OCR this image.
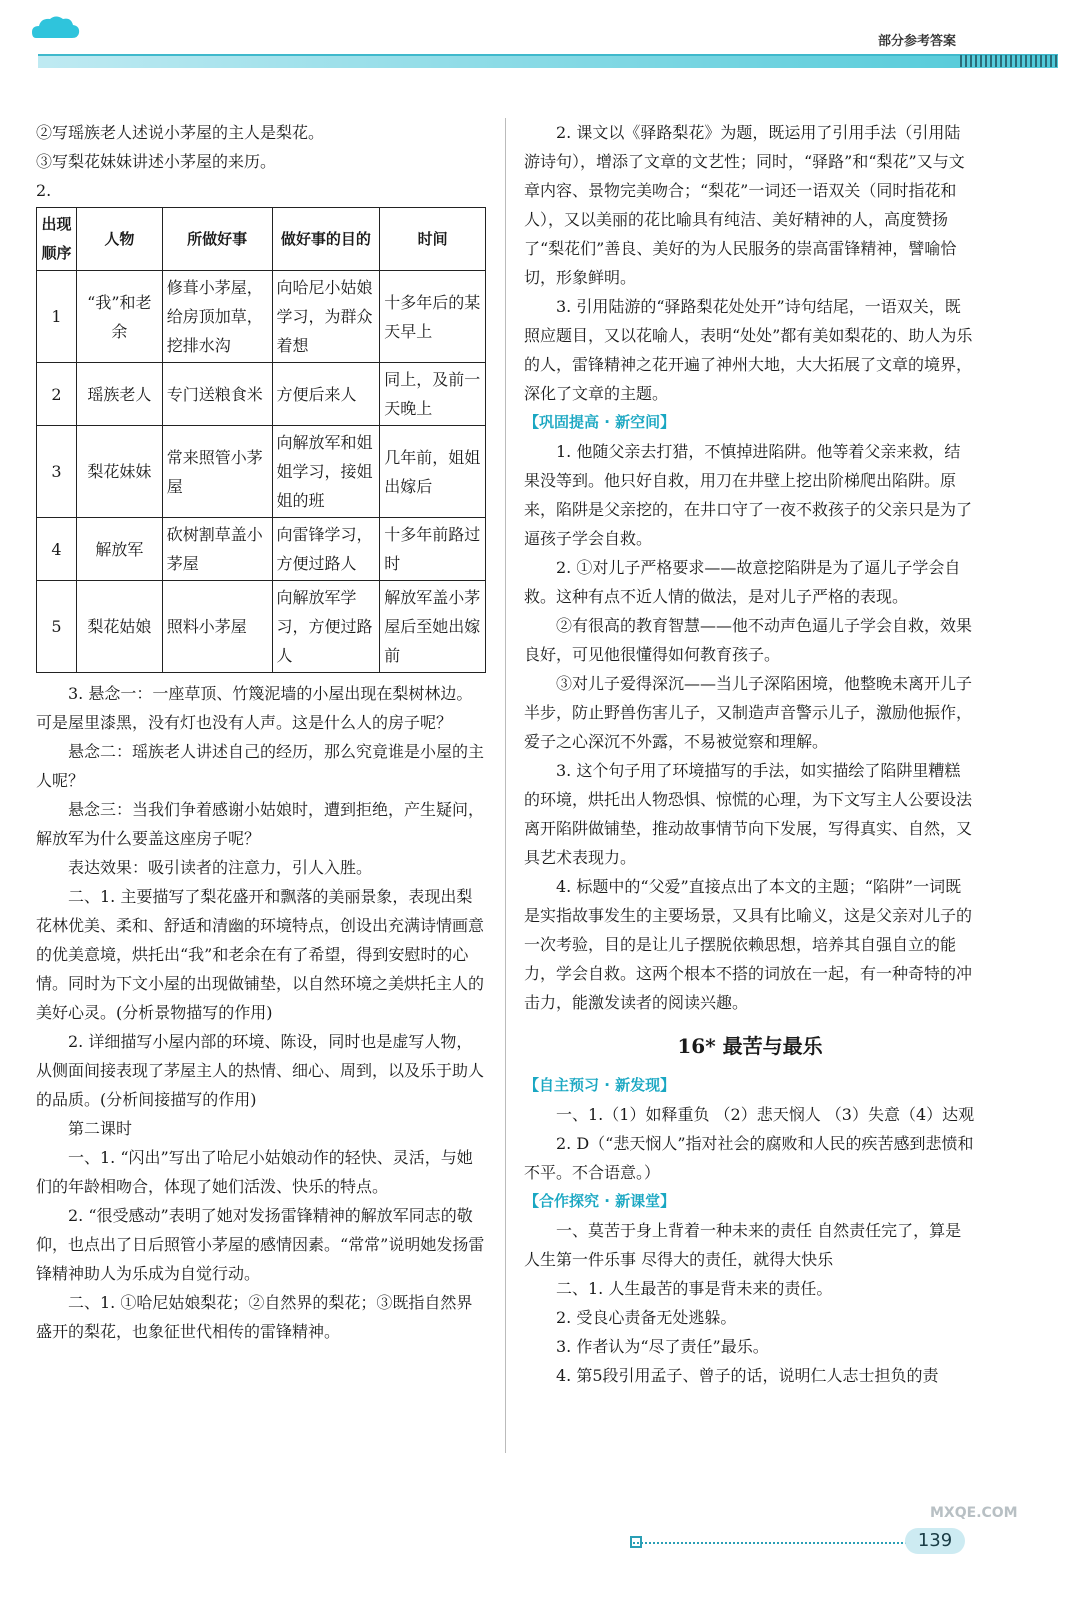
部分参考答案

②写瑶族老人述说小茅屋的主人是梨花。

③写梨花妹妹讲述小茅屋的来历。

2.

出现顺序	人物	所做好事	做好事的目的	时间
1	“我”和老余	修葺小茅屋，给房顶加草，挖排水沟	向哈尼小姑娘学习，为群众着想	十多年后的某天早上
2	瑶族老人	专门送粮食米	方便后来人	同上，及前一天晚上
3	梨花妹妹	常来照管小茅屋	向解放军和姐姐学习，接姐姐的班	几年前，姐姐出嫁后
4	解放军	砍树割草盖小茅屋	向雷锋学习，方便过路人	十多年前路过时
5	梨花姑娘	照料小茅屋	向解放军学习，方便过路人	解放军盖小茅屋后至她出嫁前

3. 悬念一：一座草顶、竹篾泥墙的小屋出现在梨树林边。可是屋里漆黑，没有灯也没有人声。这是什么人的房子呢？

悬念二：瑶族老人讲述自己的经历，那么究竟谁是小屋的主人呢？

悬念三：当我们争着感谢小姑娘时，遭到拒绝，产生疑问，解放军为什么要盖这座房子呢？

表达效果：吸引读者的注意力，引人入胜。

二、1. 主要描写了梨花盛开和飘落的美丽景象，表现出梨花林优美、柔和、舒适和清幽的环境特点，创设出充满诗情画意的优美意境，烘托出“我”和老余在有了希望，得到安慰时的心情。同时为下文小屋的出现做铺垫，以自然环境之美烘托主人的美好心灵。(分析景物描写的作用)

2. 详细描写小屋内部的环境、陈设，同时也是虚写人物，从侧面间接表现了茅屋主人的热情、细心、周到，以及乐于助人的品质。(分析间接描写的作用)

第二课时

一、1. “闪出”写出了哈尼小姑娘动作的轻快、灵活，与她们的年龄相吻合，体现了她们活泼、快乐的特点。

2. “很受感动”表明了她对发扬雷锋精神的解放军同志的敬仰，也点出了日后照管小茅屋的感情因素。“常常”说明她发扬雷锋精神助人为乐成为自觉行动。

二、1. ①哈尼姑娘梨花；②自然界的梨花；③既指自然界盛开的梨花，也象征世代相传的雷锋精神。

2. 课文以《驿路梨花》为题，既运用了引用手法（引用陆游诗句），增添了文章的文艺性；同时，“驿路”和“梨花”又与文章内容、景物完美吻合；“梨花”一词还一语双关（同时指花和人），又以美丽的花比喻具有纯洁、美好精神的人，高度赞扬了“梨花们”善良、美好的为人民服务的崇高雷锋精神，譬喻恰切，形象鲜明。

3. 引用陆游的“驿路梨花处处开”诗句结尾，一语双关，既照应题目，又以花喻人，表明“处处”都有美如梨花的、助人为乐的人，雷锋精神之花开遍了神州大地，大大拓展了文章的境界，深化了文章的主题。

【巩固提高 · 新空间】

1. 他随父亲去打猎，不慎掉进陷阱。他等着父亲来救，结果没等到。他只好自救，用刀在井壁上挖出阶梯爬出陷阱。原来，陷阱是父亲挖的，在井口守了一夜不救孩子的父亲只是为了逼孩子学会自救。

2. ①对儿子严格要求——故意挖陷阱是为了逼儿子学会自救。这种有点不近人情的做法，是对儿子严格的表现。

②有很高的教育智慧——他不动声色逼儿子学会自救，效果良好，可见他很懂得如何教育孩子。

③对儿子爱得深沉——当儿子深陷困境，他整晚未离开儿子半步，防止野兽伤害儿子，又制造声音警示儿子，激励他振作，爱子之心深沉不外露，不易被觉察和理解。

3. 这个句子用了环境描写的手法，如实描绘了陷阱里糟糕的环境，烘托出人物恐惧、惊慌的心理，为下文写主人公要设法离开陷阱做铺垫，推动故事情节向下发展，写得真实、自然，又具艺术表现力。

4. 标题中的“父爱”直接点出了本文的主题；“陷阱”一词既是实指故事发生的主要场景，又具有比喻义，这是父亲对儿子的一次考验，目的是让儿子摆脱依赖思想，培养其自强自立的能力，学会自救。这两个根本不搭的词放在一起，有一种奇特的冲击力，能激发读者的阅读兴趣。

16* 最苦与最乐

【自主预习 · 新发现】

一、1.（1）如释重负 （2）悲天悯人 （3）失意（4）达观

2. D（“悲天悯人”指对社会的腐败和人民的疾苦感到悲愤和不平。不合语意。）

【合作探究 · 新课堂】

一、莫苦于身上背着一种未来的责任 自然责任完了，算是人生第一件乐事 尽得大的责任，就得大快乐

二、1. 人生最苦的事是背未来的责任。

2. 受良心责备无处逃躲。

3. 作者认为“尽了责任”最乐。

4. 第5段引用孟子、曾子的话，说明仁人志士担负的责

139
MXQE.COM
